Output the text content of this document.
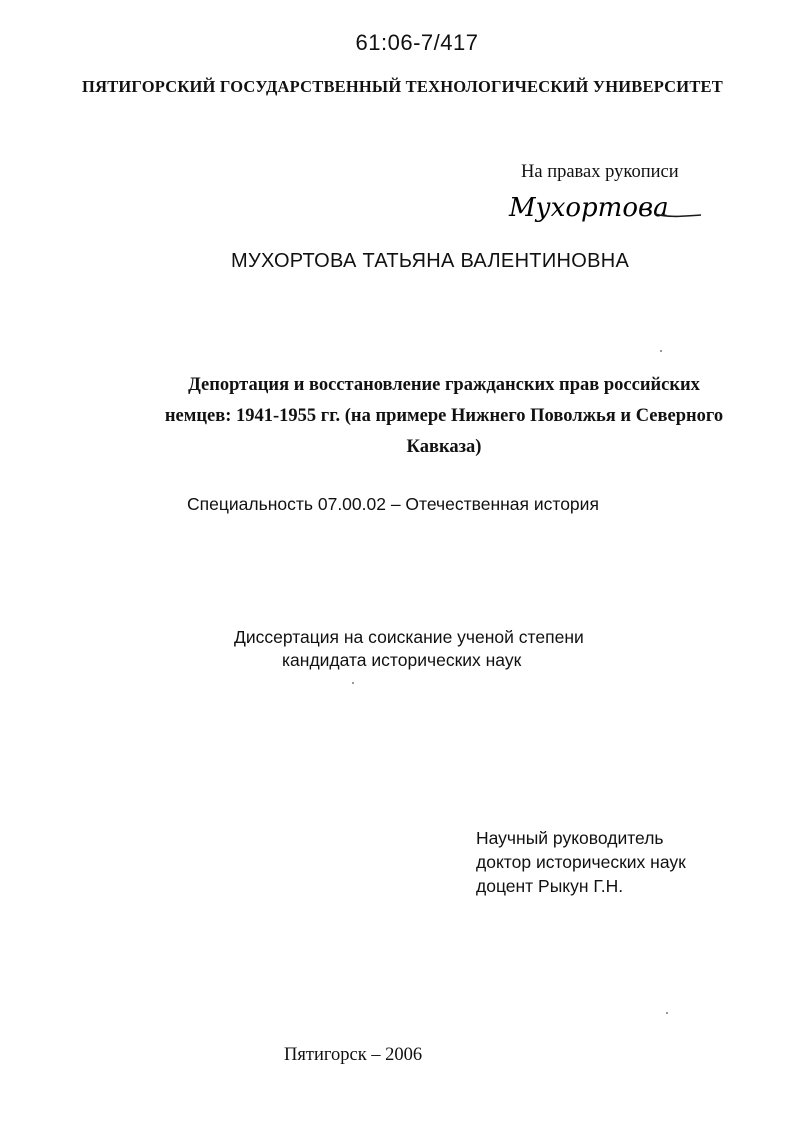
61:06-7/417
ПЯТИГОРСКИЙ ГОСУДАРСТВЕННЫЙ ТЕХНОЛОГИЧЕСКИЙ УНИВЕРСИТЕТ
На правах рукописи
Мухортова
МУХОРТОВА ТАТЬЯНА ВАЛЕНТИНОВНА
Депортация и восстановление гражданских прав российских
немцев: 1941-1955 гг. (на примере Нижнего Поволжья и Северного
Кавказа)
Специальность 07.00.02 – Отечественная история
Диссертация на соискание ученой степени
кандидата исторических наук
Научный руководитель
доктор исторических наук
доцент Рыкун Г.Н.
Пятигорск – 2006
